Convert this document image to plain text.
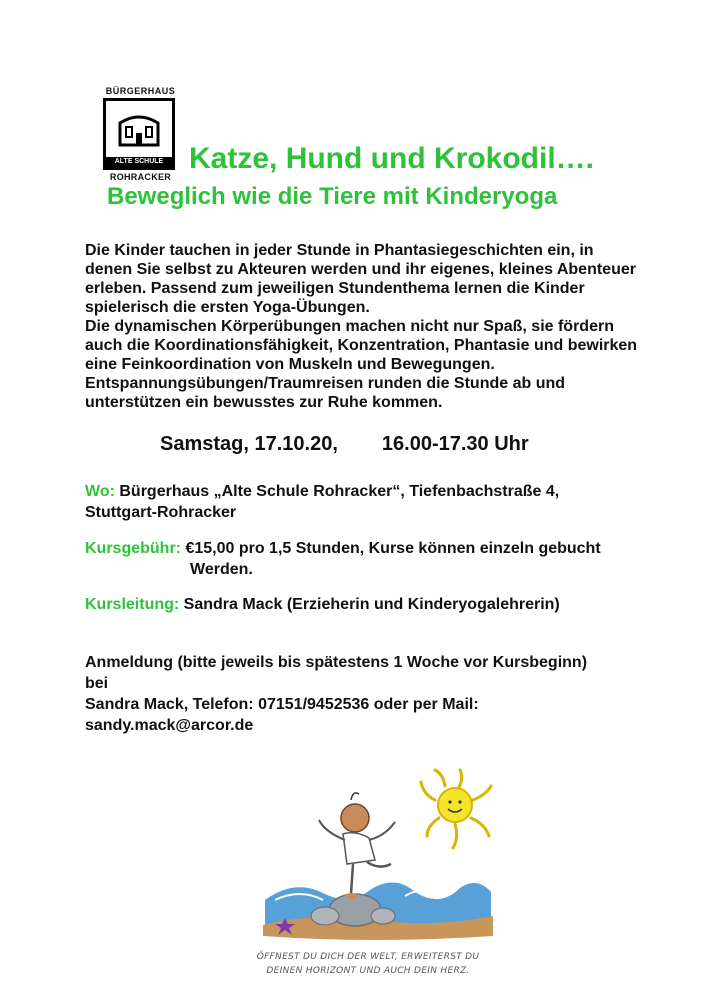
BÜRGERHAUS
ALTE SCHULE
ROHRACKER
Katze, Hund und Krokodil….
Beweglich wie die Tiere mit Kinderyoga

Die Kinder tauchen in jeder Stunde in Phantasiegeschichten ein, in denen Sie selbst zu Akteuren werden und ihr eigenes, kleines Abenteuer erleben. Passend zum jeweiligen Stundenthema lernen die Kinder spielerisch die ersten Yoga-Übungen.

Die dynamischen Körperübungen machen nicht nur Spaß, sie fördern auch die Koordinationsfähigkeit, Konzentration, Phantasie und bewirken eine Feinkoordination von Muskeln und Bewegungen. Entspannungsübungen/Traumreisen runden die Stunde ab und unterstützen ein bewusstes zur Ruhe kommen.

Samstag, 17.10.20, 16.00-17.30 Uhr
Wo: Bürgerhaus „Alte Schule Rohracker“, Tiefenbachstraße 4,
Stuttgart-Rohracker
Kursgebühr: €15,00 pro 1,5 Stunden, Kurse können einzeln gebucht
Werden.
Kursleitung: Sandra Mack (Erzieherin und Kinderyogalehrerin)
Anmeldung (bitte jeweils bis spätestens 1 Woche vor Kursbeginn)
bei
Sandra Mack, Telefon: 07151/9452536 oder per Mail:
sandy.mack@arcor.de
ÖFFNEST DU DICH DER WELT, ERWEITERST DU
DEINEN HORIZONT UND AUCH DEIN HERZ.
